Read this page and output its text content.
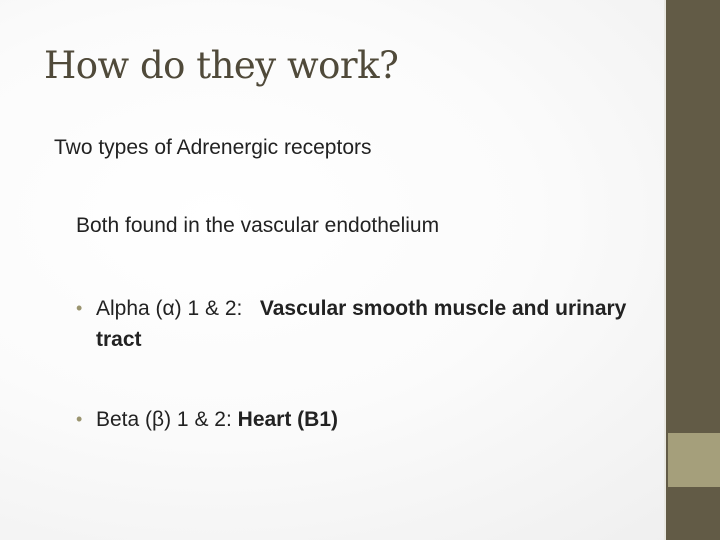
How do they work?

Two types of Adrenergic receptors

Both found in the vascular endothelium

• Alpha (α) 1 & 2: Vascular smooth muscle and urinary tract
• Beta (β) 1 & 2: Heart (B1)
